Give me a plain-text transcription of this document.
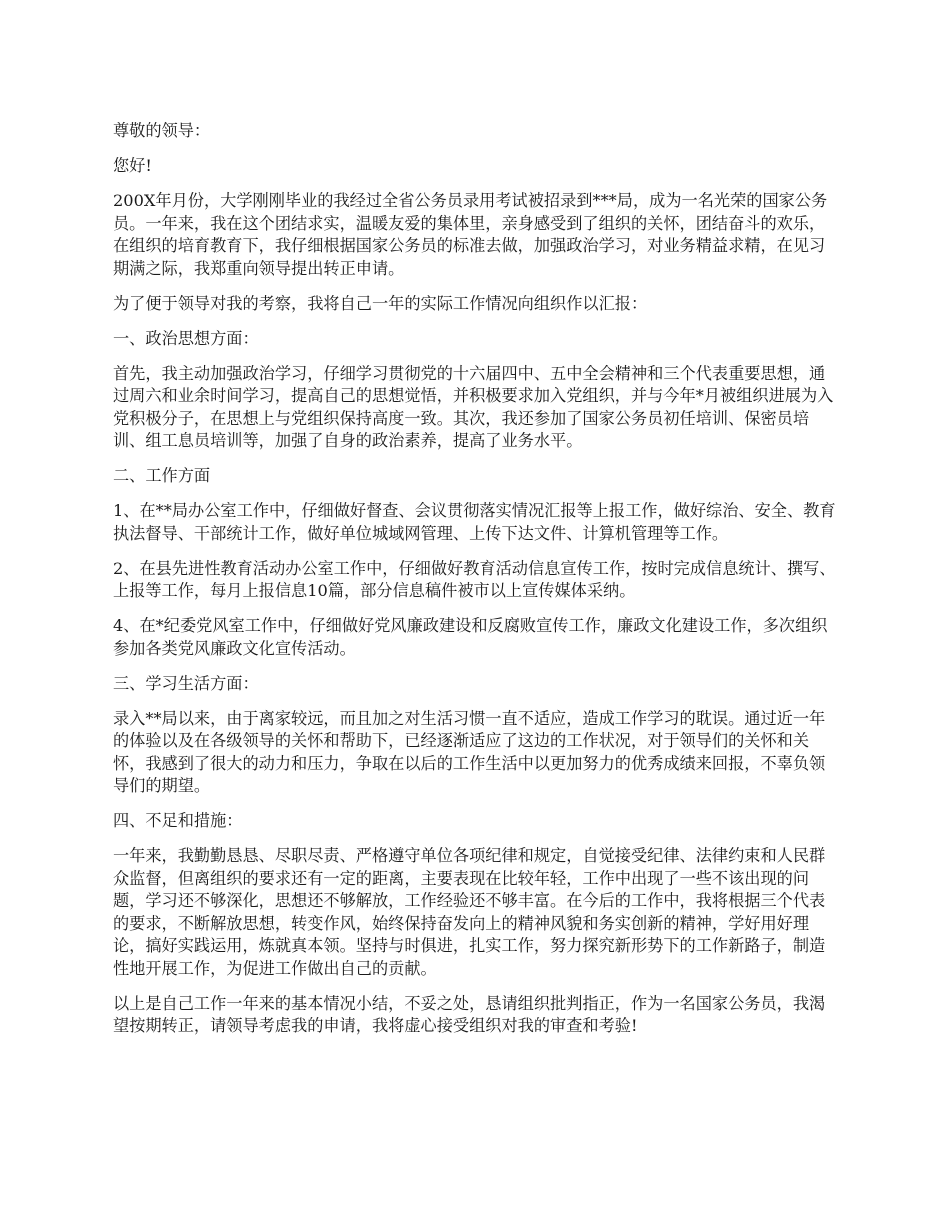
尊敬的领导：

您好!

200X年月份，大学刚刚毕业的我经过全省公务员录用考试被招录到***局，成为一名光荣的国家公务员。一年来，我在这个团结求实，温暖友爱的集体里，亲身感受到了组织的关怀，团结奋斗的欢乐，在组织的培育教育下，我仔细根据国家公务员的标准去做，加强政治学习，对业务精益求精，在见习期满之际，我郑重向领导提出转正申请。

为了便于领导对我的考察，我将自己一年的实际工作情况向组织作以汇报：

一、政治思想方面：

首先，我主动加强政治学习，仔细学习贯彻党的十六届四中、五中全会精神和三个代表重要思想，通过周六和业余时间学习，提高自己的思想觉悟，并积极要求加入党组织，并与今年*月被组织进展为入党积极分子，在思想上与党组织保持高度一致。其次，我还参加了国家公务员初任培训、保密员培训、组工息员培训等，加强了自身的政治素养，提高了业务水平。

二、工作方面

1、在**局办公室工作中，仔细做好督查、会议贯彻落实情况汇报等上报工作，做好综治、安全、教育执法督导、干部统计工作，做好单位城域网管理、上传下达文件、计算机管理等工作。

2、在县先进性教育活动办公室工作中，仔细做好教育活动信息宣传工作，按时完成信息统计、撰写、上报等工作，每月上报信息10篇，部分信息稿件被市以上宣传媒体采纳。

4、在*纪委党风室工作中，仔细做好党风廉政建设和反腐败宣传工作，廉政文化建设工作，多次组织参加各类党风廉政文化宣传活动。

三、学习生活方面：

录入**局以来，由于离家较远，而且加之对生活习惯一直不适应，造成工作学习的耽误。通过近一年的体验以及在各级领导的关怀和帮助下，已经逐渐适应了这边的工作状况，对于领导们的关怀和关怀，我感到了很大的动力和压力，争取在以后的工作生活中以更加努力的优秀成绩来回报，不辜负领导们的期望。

四、不足和措施：

一年来，我勤勤恳恳、尽职尽责、严格遵守单位各项纪律和规定，自觉接受纪律、法律约束和人民群众监督，但离组织的要求还有一定的距离，主要表现在比较年轻，工作中出现了一些不该出现的问题，学习还不够深化，思想还不够解放，工作经验还不够丰富。在今后的工作中，我将根据三个代表的要求，不断解放思想，转变作风，始终保持奋发向上的精神风貌和务实创新的精神，学好用好理论，搞好实践运用，炼就真本领。坚持与时俱进，扎实工作，努力探究新形势下的工作新路子，制造性地开展工作，为促进工作做出自己的贡献。

以上是自己工作一年来的基本情况小结，不妥之处，恳请组织批判指正，作为一名国家公务员，我渴望按期转正，请领导考虑我的申请，我将虚心接受组织对我的审查和考验!
